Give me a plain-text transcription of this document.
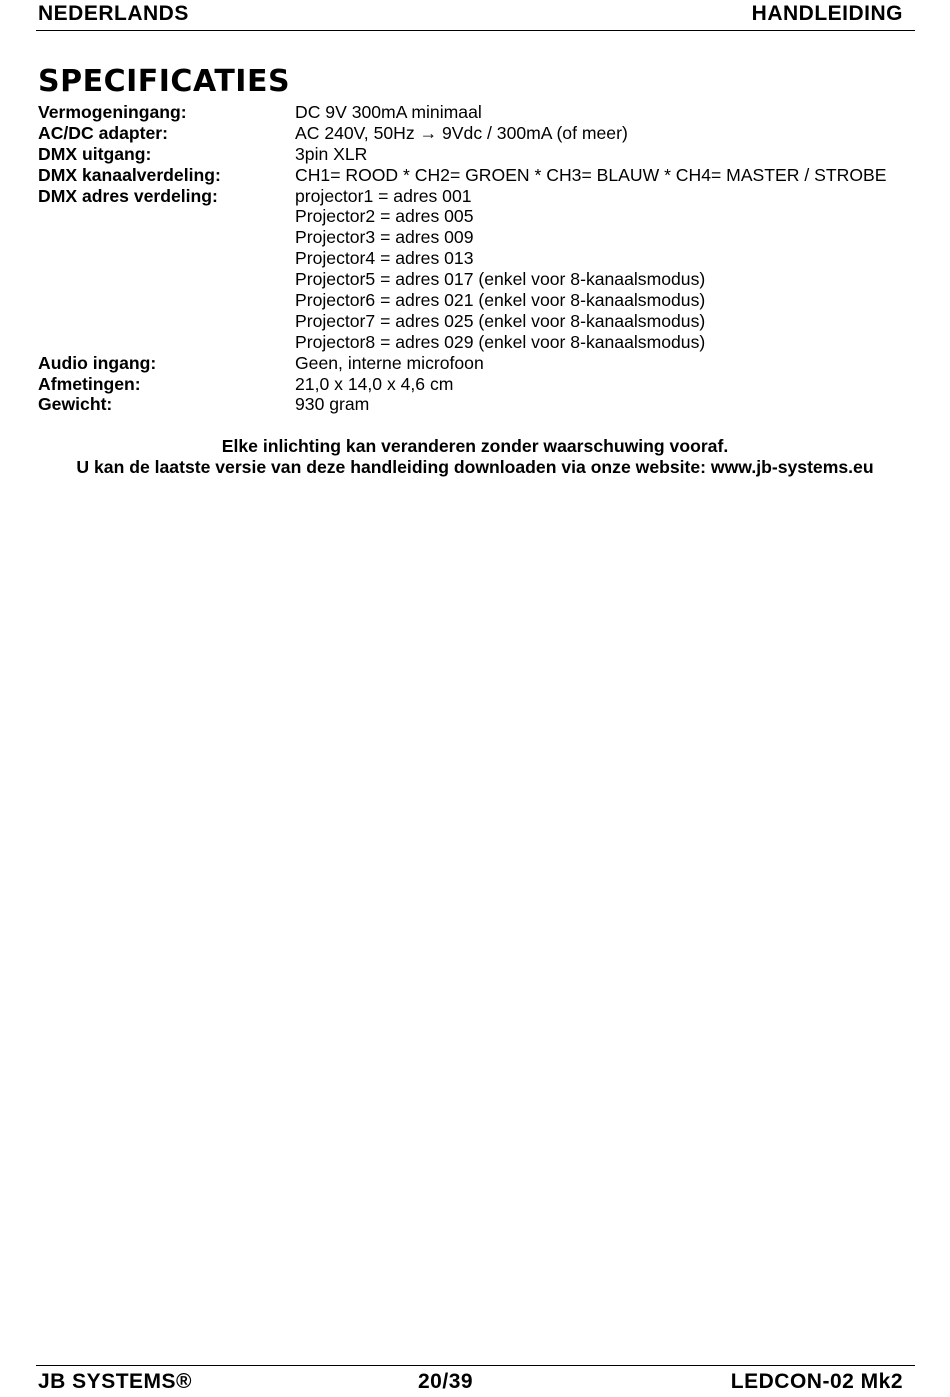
NEDERLANDS	HANDLEIDING
SPECIFICATIES
Vermogeningang:	DC 9V 300mA minimaal
AC/DC adapter:	AC 240V, 50Hz → 9Vdc / 300mA (of meer)
DMX uitgang:	3pin XLR
DMX kanaalverdeling:	CH1= ROOD * CH2= GROEN * CH3= BLAUW * CH4= MASTER / STROBE
DMX adres verdeling:	projector1 = adres 001
Projector2 = adres 005
Projector3 = adres 009
Projector4 = adres 013
Projector5 = adres 017 (enkel voor 8-kanaalsmodus)
Projector6 = adres 021 (enkel voor 8-kanaalsmodus)
Projector7 = adres 025 (enkel voor 8-kanaalsmodus)
Projector8 = adres 029 (enkel voor 8-kanaalsmodus)
Audio ingang:	Geen, interne microfoon
Afmetingen:	21,0 x 14,0 x 4,6 cm
Gewicht:	930 gram
Elke inlichting kan veranderen zonder waarschuwing vooraf.
U kan de laatste versie van deze handleiding downloaden via onze website: www.jb-systems.eu
JB SYSTEMS®	20/39	LEDCON-02 Mk2
